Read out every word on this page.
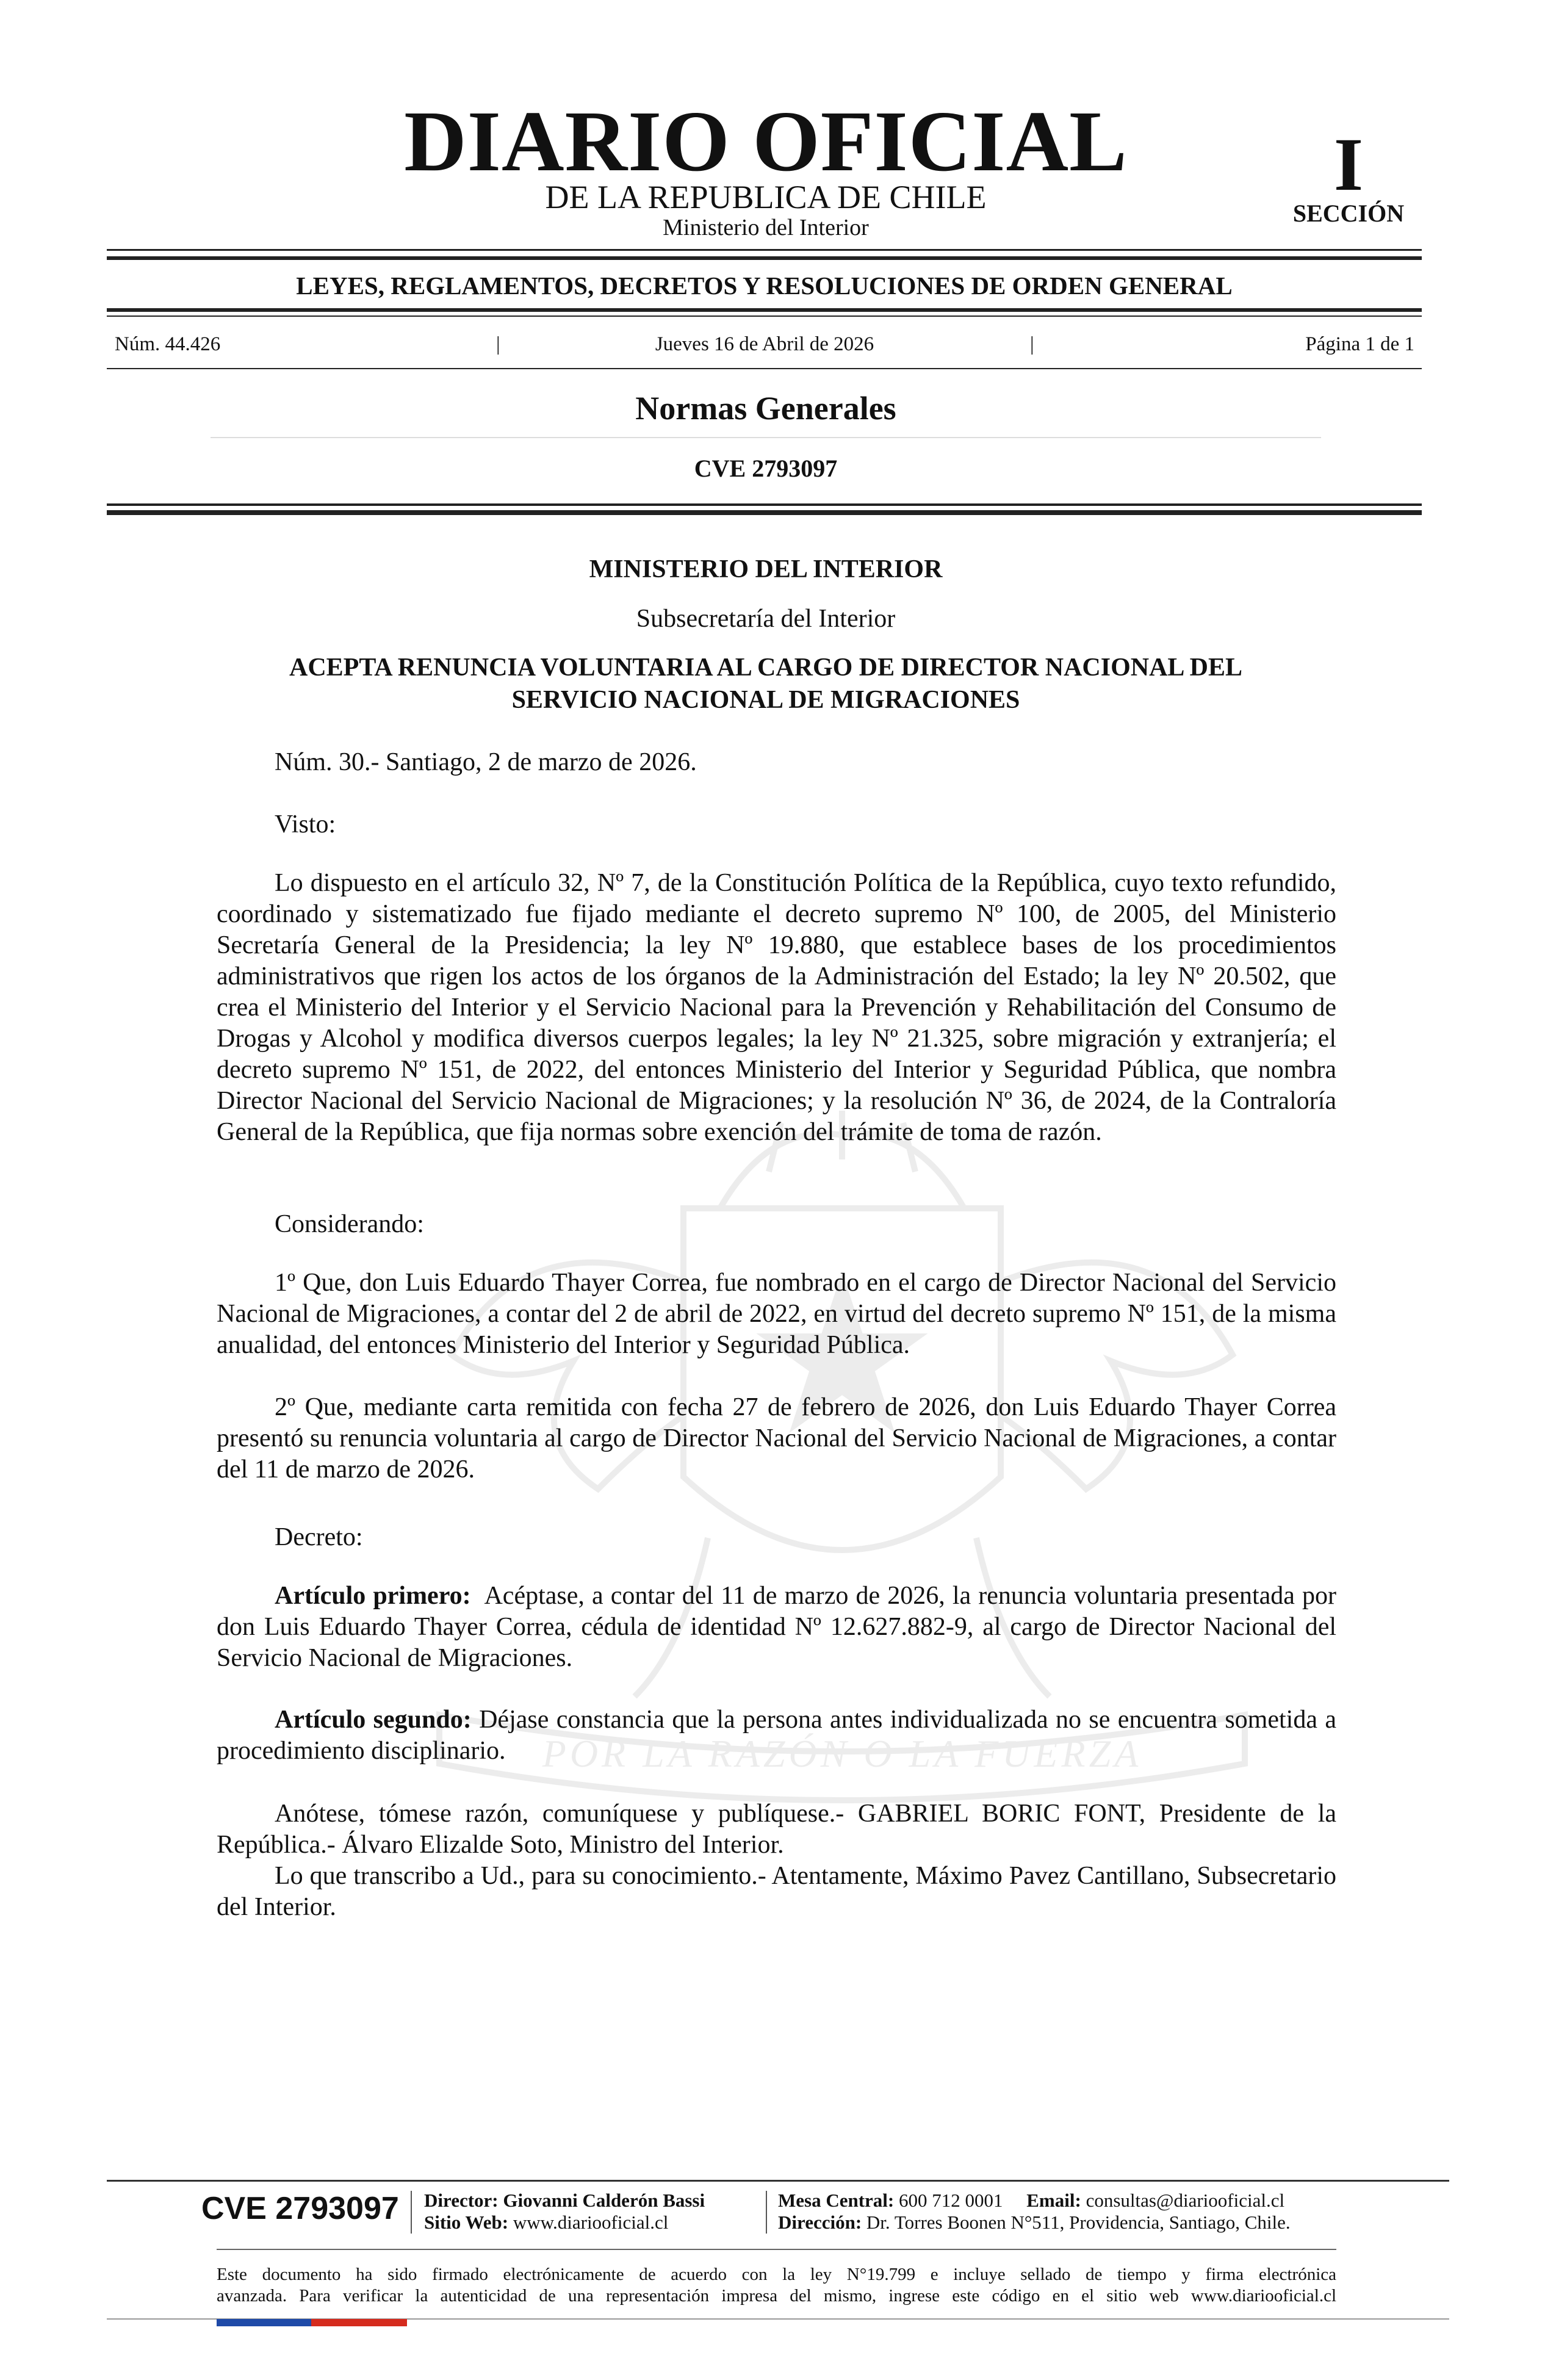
POR LA RAZÓN O LA FUERZA
DIARIO OFICIAL
DE LA REPUBLICA DE CHILE
Ministerio del Interior
I
SECCIÓN
LEYES, REGLAMENTOS, DECRETOS Y RESOLUCIONES DE ORDEN GENERAL
Núm. 44.426	|	Jueves 16 de Abril de 2026	|	Página 1 de 1
Normas Generales
CVE 2793097
MINISTERIO DEL INTERIOR
Subsecretaría del Interior
ACEPTA RENUNCIA VOLUNTARIA AL CARGO DE DIRECTOR NACIONAL DEL
SERVICIO NACIONAL DE MIGRACIONES
Núm. 30.- Santiago, 2 de marzo de 2026.
Visto:

Lo dispuesto en el artículo 32, Nº 7, de la Constitución Política de la República, cuyo texto refundido, coordinado y sistematizado fue fijado mediante el decreto supremo Nº 100, de 2005, del Ministerio Secretaría General de la Presidencia; la ley Nº 19.880, que establece bases de los procedimientos administrativos que rigen los actos de los órganos de la Administración del Estado; la ley Nº 20.502, que crea el Ministerio del Interior y el Servicio Nacional para la Prevención y Rehabilitación del Consumo de Drogas y Alcohol y modifica diversos cuerpos legales; la ley Nº 21.325, sobre migración y extranjería; el decreto supremo Nº 151, de 2022, del entonces Ministerio del Interior y Seguridad Pública, que nombra Director Nacional del Servicio Nacional de Migraciones; y la resolución Nº 36, de 2024, de la Contraloría General de la República, que fija normas sobre exención del trámite de toma de razón.

Considerando:

1º Que, don Luis Eduardo Thayer Correa, fue nombrado en el cargo de Director Nacional del Servicio Nacional de Migraciones, a contar del 2 de abril de 2022, en virtud del decreto supremo Nº 151, de la misma anualidad, del entonces Ministerio del Interior y Seguridad Pública.

2º Que, mediante carta remitida con fecha 27 de febrero de 2026, don Luis Eduardo Thayer Correa presentó su renuncia voluntaria al cargo de Director Nacional del Servicio Nacional de Migraciones, a contar del 11 de marzo de 2026.

Decreto:

Artículo primero: Acéptase, a contar del 11 de marzo de 2026, la renuncia voluntaria presentada por don Luis Eduardo Thayer Correa, cédula de identidad Nº 12.627.882-9, al cargo de Director Nacional del Servicio Nacional de Migraciones.

Artículo segundo: Déjase constancia que la persona antes individualizada no se encuentra sometida a procedimiento disciplinario.

Anótese, tómese razón, comuníquese y publíquese.- GABRIEL BORIC FONT, Presidente de la República.- Álvaro Elizalde Soto, Ministro del Interior.

Lo que transcribo a Ud., para su conocimiento.- Atentamente, Máximo Pavez Cantillano, Subsecretario del Interior.

CVE 2793097 Director: Giovanni Calderón Bassi
Sitio Web: www.diariooficial.cl
Mesa Central: 600 712 0001 Email: consultas@diariooficial.cl
Dirección: Dr. Torres Boonen N°511, Providencia, Santiago, Chile.
Este documento ha sido firmado electrónicamente de acuerdo con la ley N°19.799 e incluye sellado de tiempo y firma electrónica
avanzada. Para verificar la autenticidad de una representación impresa del mismo, ingrese este código en el sitio web www.diariooficial.cl
